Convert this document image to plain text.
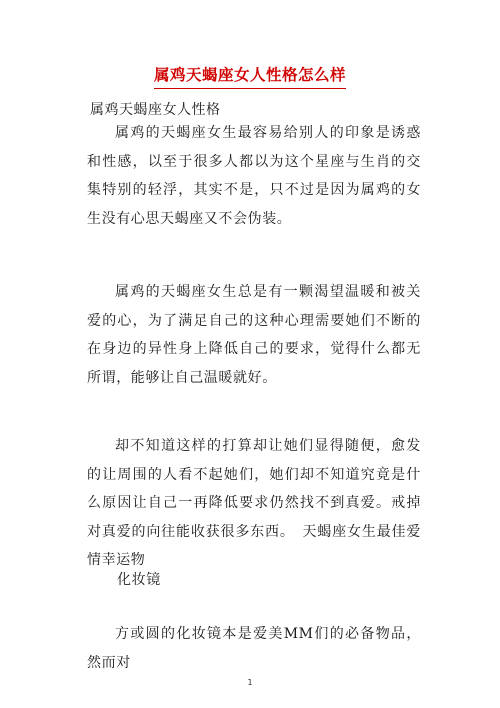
属鸡天蝎座女人性格怎么样
属鸡天蝎座女人性格

属鸡的天蝎座女生最容易给别人的印象是诱惑和性感，以至于很多人都以为这个星座与生肖的交集特别的轻浮，其实不是，只不过是因为属鸡的女生没有心思天蝎座又不会伪装。

属鸡的天蝎座女生总是有一颗渴望温暖和被关爱的心，为了满足自己的这种心理需要她们不断的在身边的异性身上降低自己的要求，觉得什么都无所谓，能够让自己温暖就好。

却不知道这样的打算却让她们显得随便，愈发的让周围的人看不起她们，她们却不知道究竟是什么原因让自己一再降低要求仍然找不到真爱。戒掉对真爱的向往能收获很多东西。　天蝎座女生最佳爱情幸运物

化妆镜

方或圆的化妆镜本是爱美MM们的必备物品，然而对

1
